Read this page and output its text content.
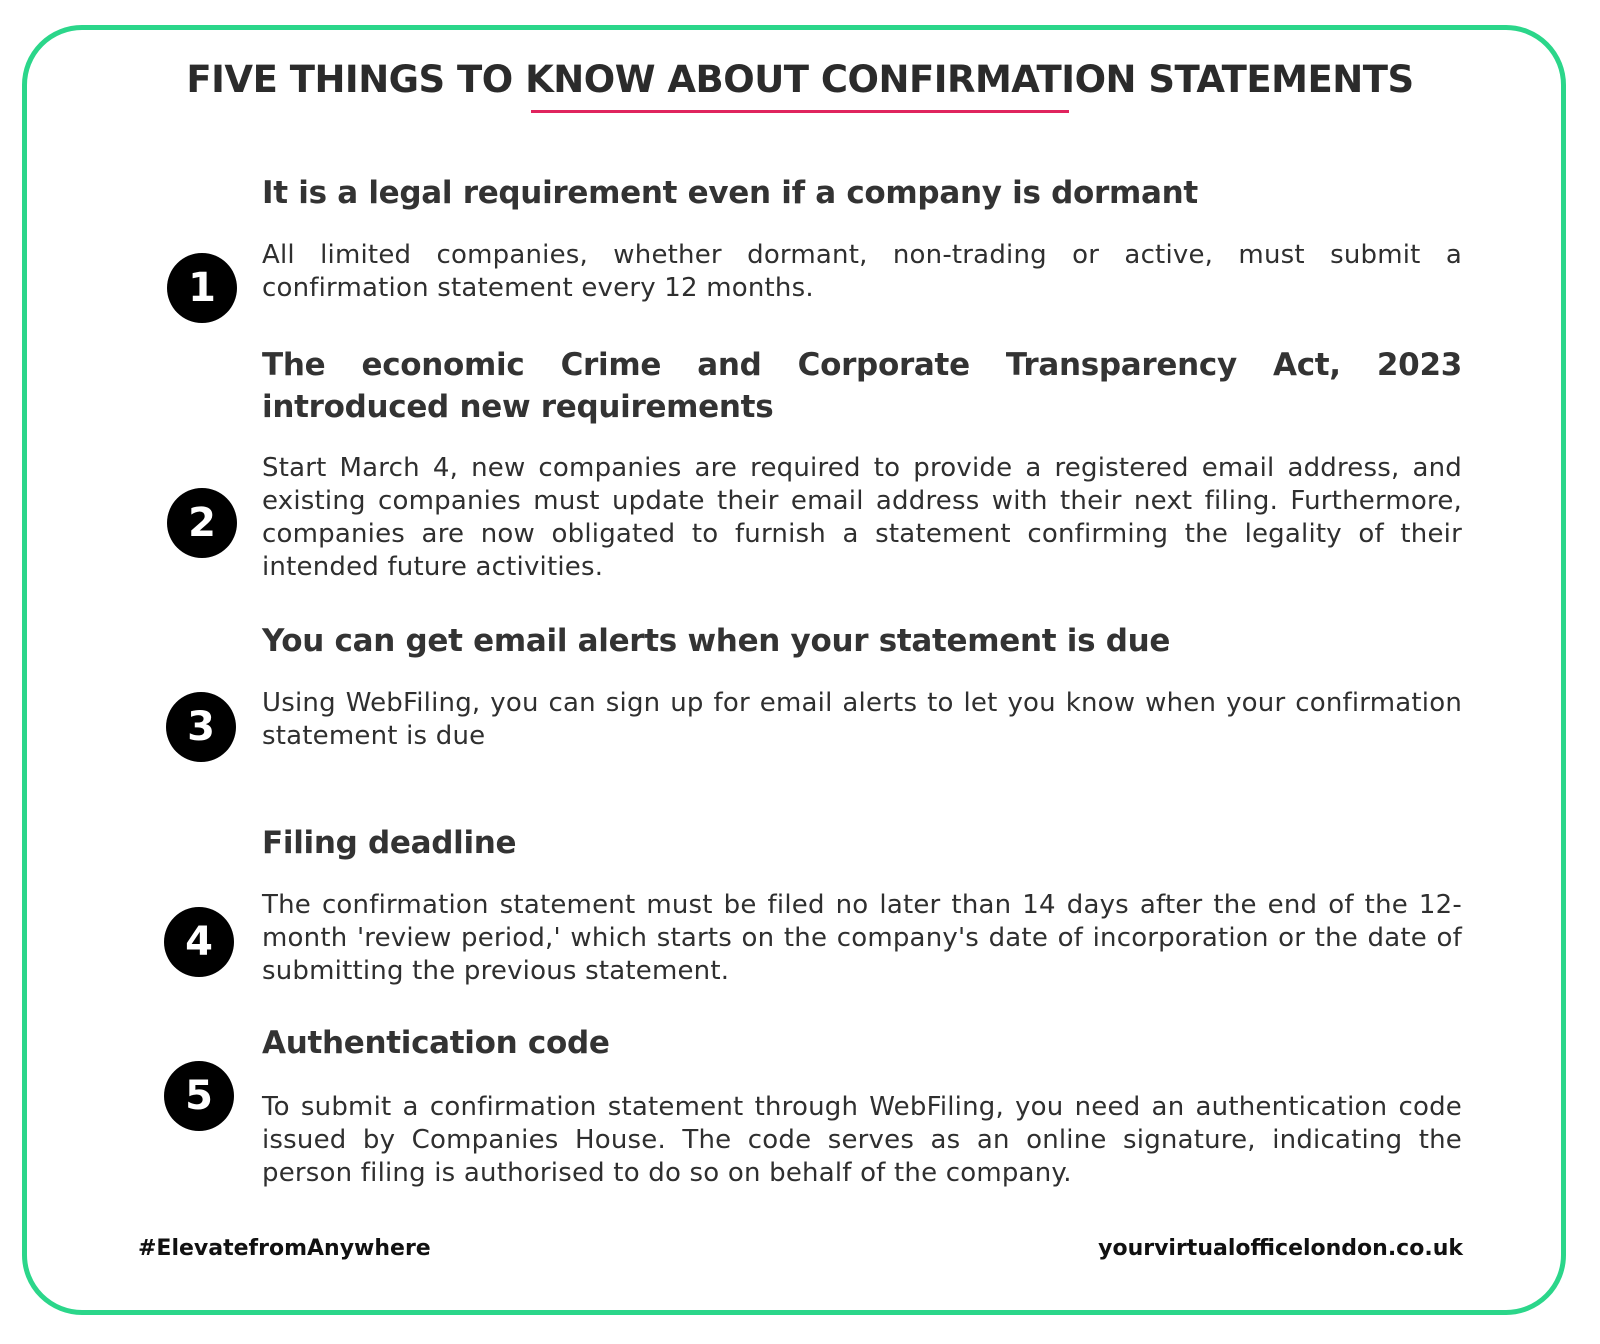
FIVE THINGS TO KNOW ABOUT CONFIRMATION STATEMENTS
1
It is a legal requirement even if a company is dormant

All limited companies, whether dormant, non-trading or active, must submit a confirmation statement every 12 months.

2
The economic Crime and Corporate Transparency Act, 2023 introduced new requirements

Start March 4, new companies are required to provide a registered email address, and existing companies must update their email address with their next filing. Furthermore, companies are now obligated to furnish a statement confirming the legality of their intended future activities.

3
You can get email alerts when your statement is due

Using WebFiling, you can sign up for email alerts to let you know when your confirmation statement is due

4
Filing deadline

The confirmation statement must be filed no later than 14 days after the end of the 12-month 'review period,' which starts on the company's date of incorporation or the date of submitting the previous statement.

5
Authentication code

To submit a confirmation statement through WebFiling, you need an authentication code issued by Companies House. The code serves as an online signature, indicating the person filing is authorised to do so on behalf of the company.

#ElevatefromAnywhere	yourvirtualofficelondon.co.uk
